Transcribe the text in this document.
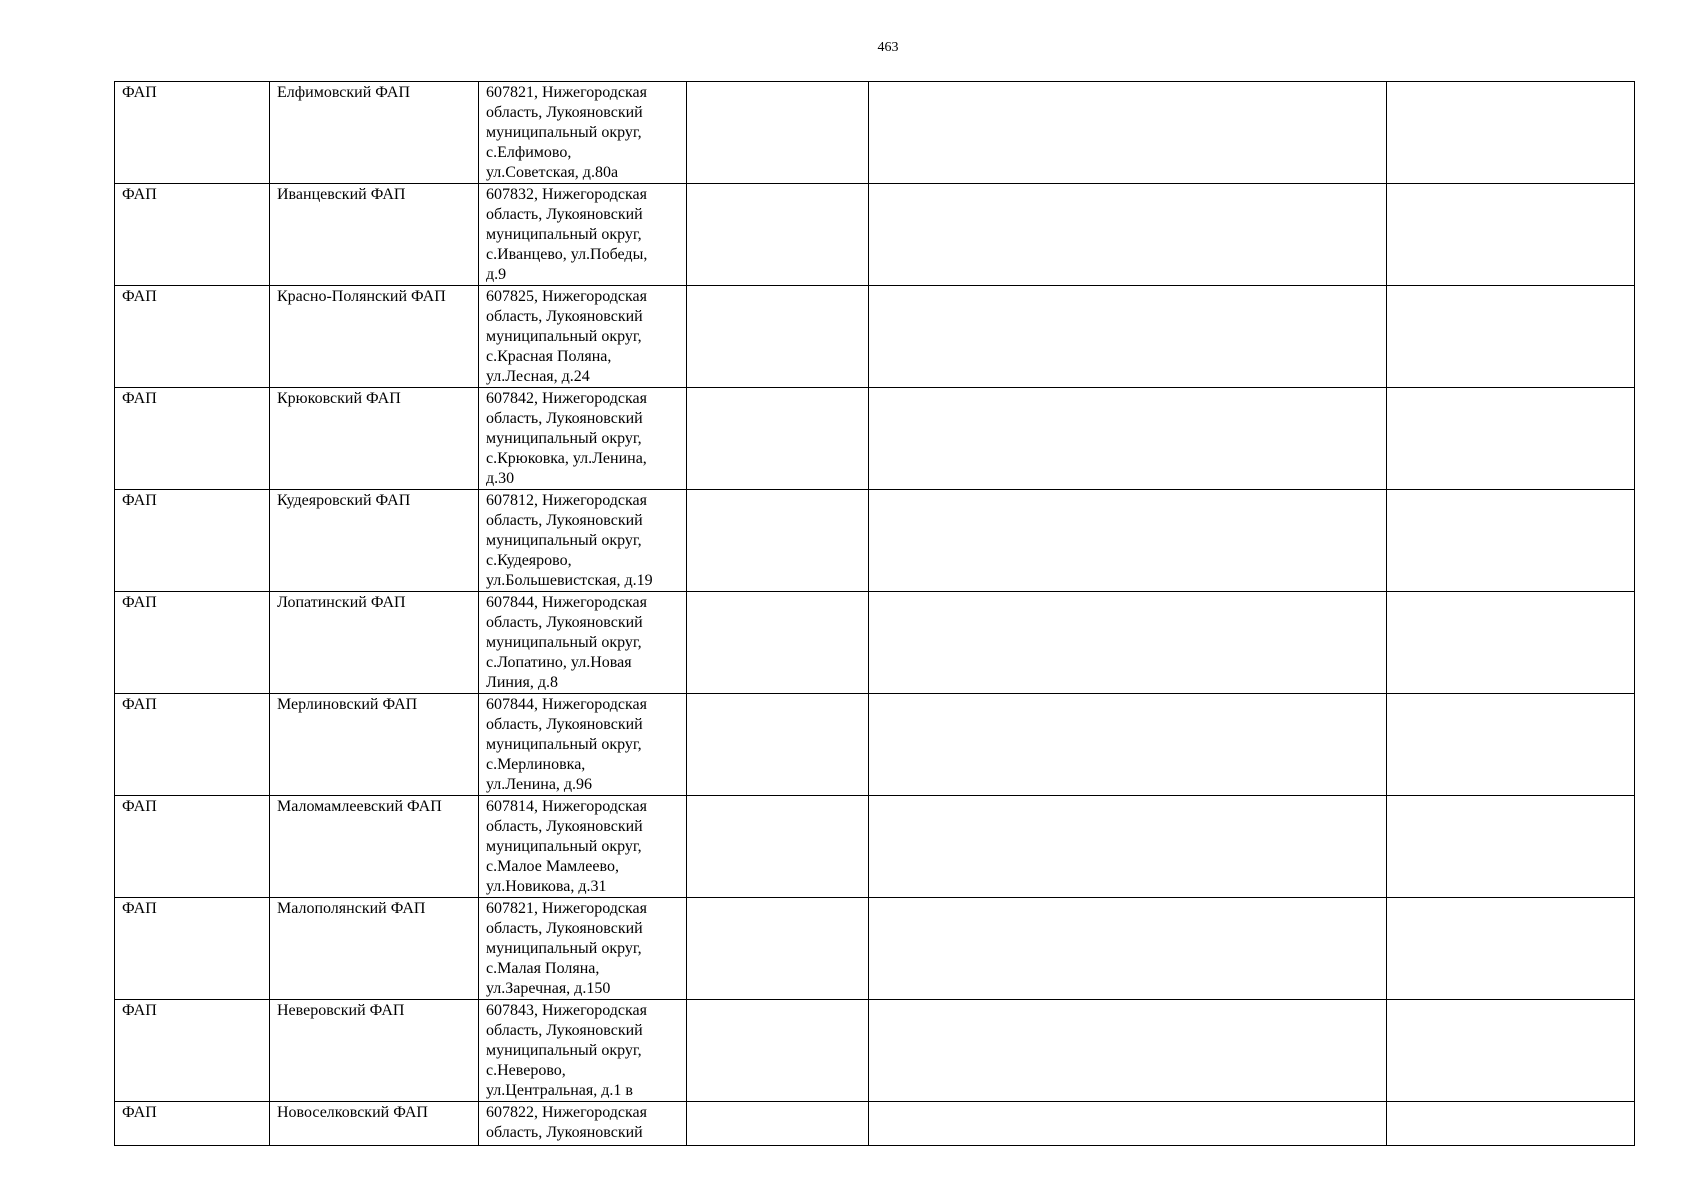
463
ФАП	Елфимовский ФАП	607821, Нижегородская
область, Лукояновский
муниципальный округ,
с.Елфимово,
ул.Советская, д.80а			

ФАП	Иванцевский ФАП	607832, Нижегородская
область, Лукояновский
муниципальный округ,
с.Иванцево, ул.Победы,
д.9			

ФАП	Красно-Полянский ФАП	607825, Нижегородская
область, Лукояновский
муниципальный округ,
с.Красная Поляна,
ул.Лесная, д.24			

ФАП	Крюковский ФАП	607842, Нижегородская
область, Лукояновский
муниципальный округ,
с.Крюковка, ул.Ленина,
д.30			

ФАП	Кудеяровский ФАП	607812, Нижегородская
область, Лукояновский
муниципальный округ,
с.Кудеярово,
ул.Большевистская, д.19			

ФАП	Лопатинский ФАП	607844, Нижегородская
область, Лукояновский
муниципальный округ,
с.Лопатино, ул.Новая
Линия, д.8			

ФАП	Мерлиновский ФАП	607844, Нижегородская
область, Лукояновский
муниципальный округ,
с.Мерлиновка,
ул.Ленина, д.96			

ФАП	Маломамлеевский ФАП	607814, Нижегородская
область, Лукояновский
муниципальный округ,
с.Малое Мамлеево,
ул.Новикова, д.31			

ФАП	Малополянский ФАП	607821, Нижегородская
область, Лукояновский
муниципальный округ,
с.Малая Поляна,
ул.Заречная, д.150			

ФАП	Неверовский ФАП	607843, Нижегородская
область, Лукояновский
муниципальный округ,
с.Неверово,
ул.Центральная, д.1 в			

ФАП	Новоселковский ФАП	607822, Нижегородская
область, Лукояновский			
